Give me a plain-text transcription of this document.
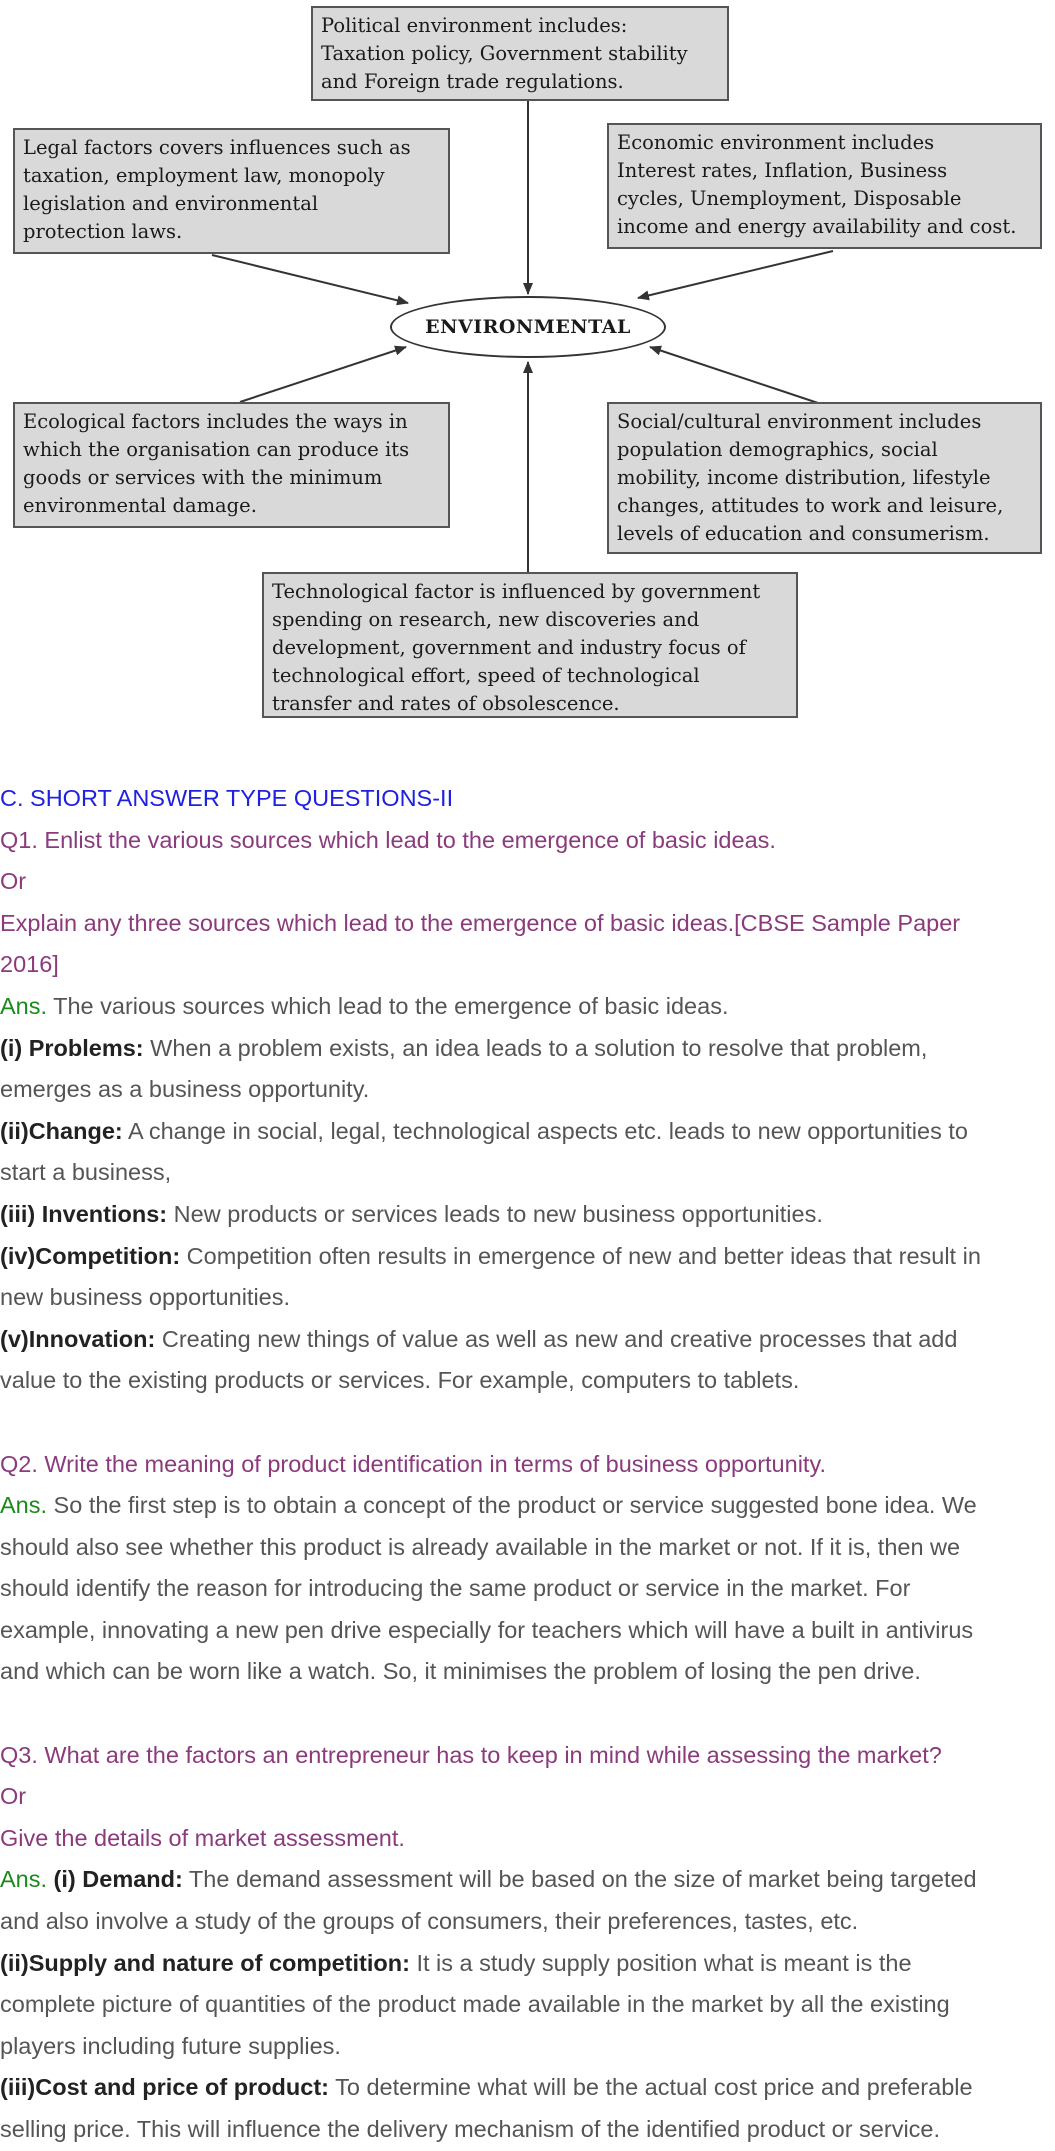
Political environment includes:
Taxation policy, Government stability
and Foreign trade regulations.
Legal factors covers influences such as
taxation, employment law, monopoly
legislation and environmental
protection laws.
Economic environment includes
Interest rates, Inflation, Business
cycles, Unemployment, Disposable
income and energy availability and cost.
ENVIRONMENTAL
Ecological factors includes the ways in
which the organisation can produce its
goods or services with the minimum
environmental damage.
Social/cultural environment includes
population demographics, social
mobility, income distribution, lifestyle
changes, attitudes to work and leisure,
levels of education and consumerism.
Technological factor is influenced by government
spending on research, new discoveries and
development, government and industry focus of
technological effort, speed of technological
transfer and rates of obsolescence.

C. SHORT ANSWER TYPE QUESTIONS-II

Q1. Enlist the various sources which lead to the emergence of basic ideas.

Or

Explain any three sources which lead to the emergence of basic ideas.[CBSE Sample Paper

2016]

Ans. The various sources which lead to the emergence of basic ideas.

(i) Problems: When a problem exists, an idea leads to a solution to resolve that problem,

emerges as a business opportunity.

(ii)Change: A change in social, legal, technological aspects etc. leads to new opportunities to

start a business,

(iii) Inventions: New products or services leads to new business opportunities.

(iv)Competition: Competition often results in emergence of new and better ideas that result in

new business opportunities.

(v)Innovation: Creating new things of value as well as new and creative processes that add

value to the existing products or services. For example, computers to tablets.

Q2. Write the meaning of product identification in terms of business opportunity.

Ans. So the first step is to obtain a concept of the product or service suggested bone idea. We

should also see whether this product is already available in the market or not. If it is, then we

should identify the reason for introducing the same product or service in the market. For

example, innovating a new pen drive especially for teachers which will have a built in antivirus

and which can be worn like a watch. So, it minimises the problem of losing the pen drive.

Q3. What are the factors an entrepreneur has to keep in mind while assessing the market?

Or

Give the details of market assessment.

Ans. (i) Demand: The demand assessment will be based on the size of market being targeted

and also involve a study of the groups of consumers, their preferences, tastes, etc.

(ii)Supply and nature of competition: It is a study supply position what is meant is the

complete picture of quantities of the product made available in the market by all the existing

players including future supplies.

(iii)Cost and price of product: To determine what will be the actual cost price and preferable

selling price. This will influence the delivery mechanism of the identified product or service.
